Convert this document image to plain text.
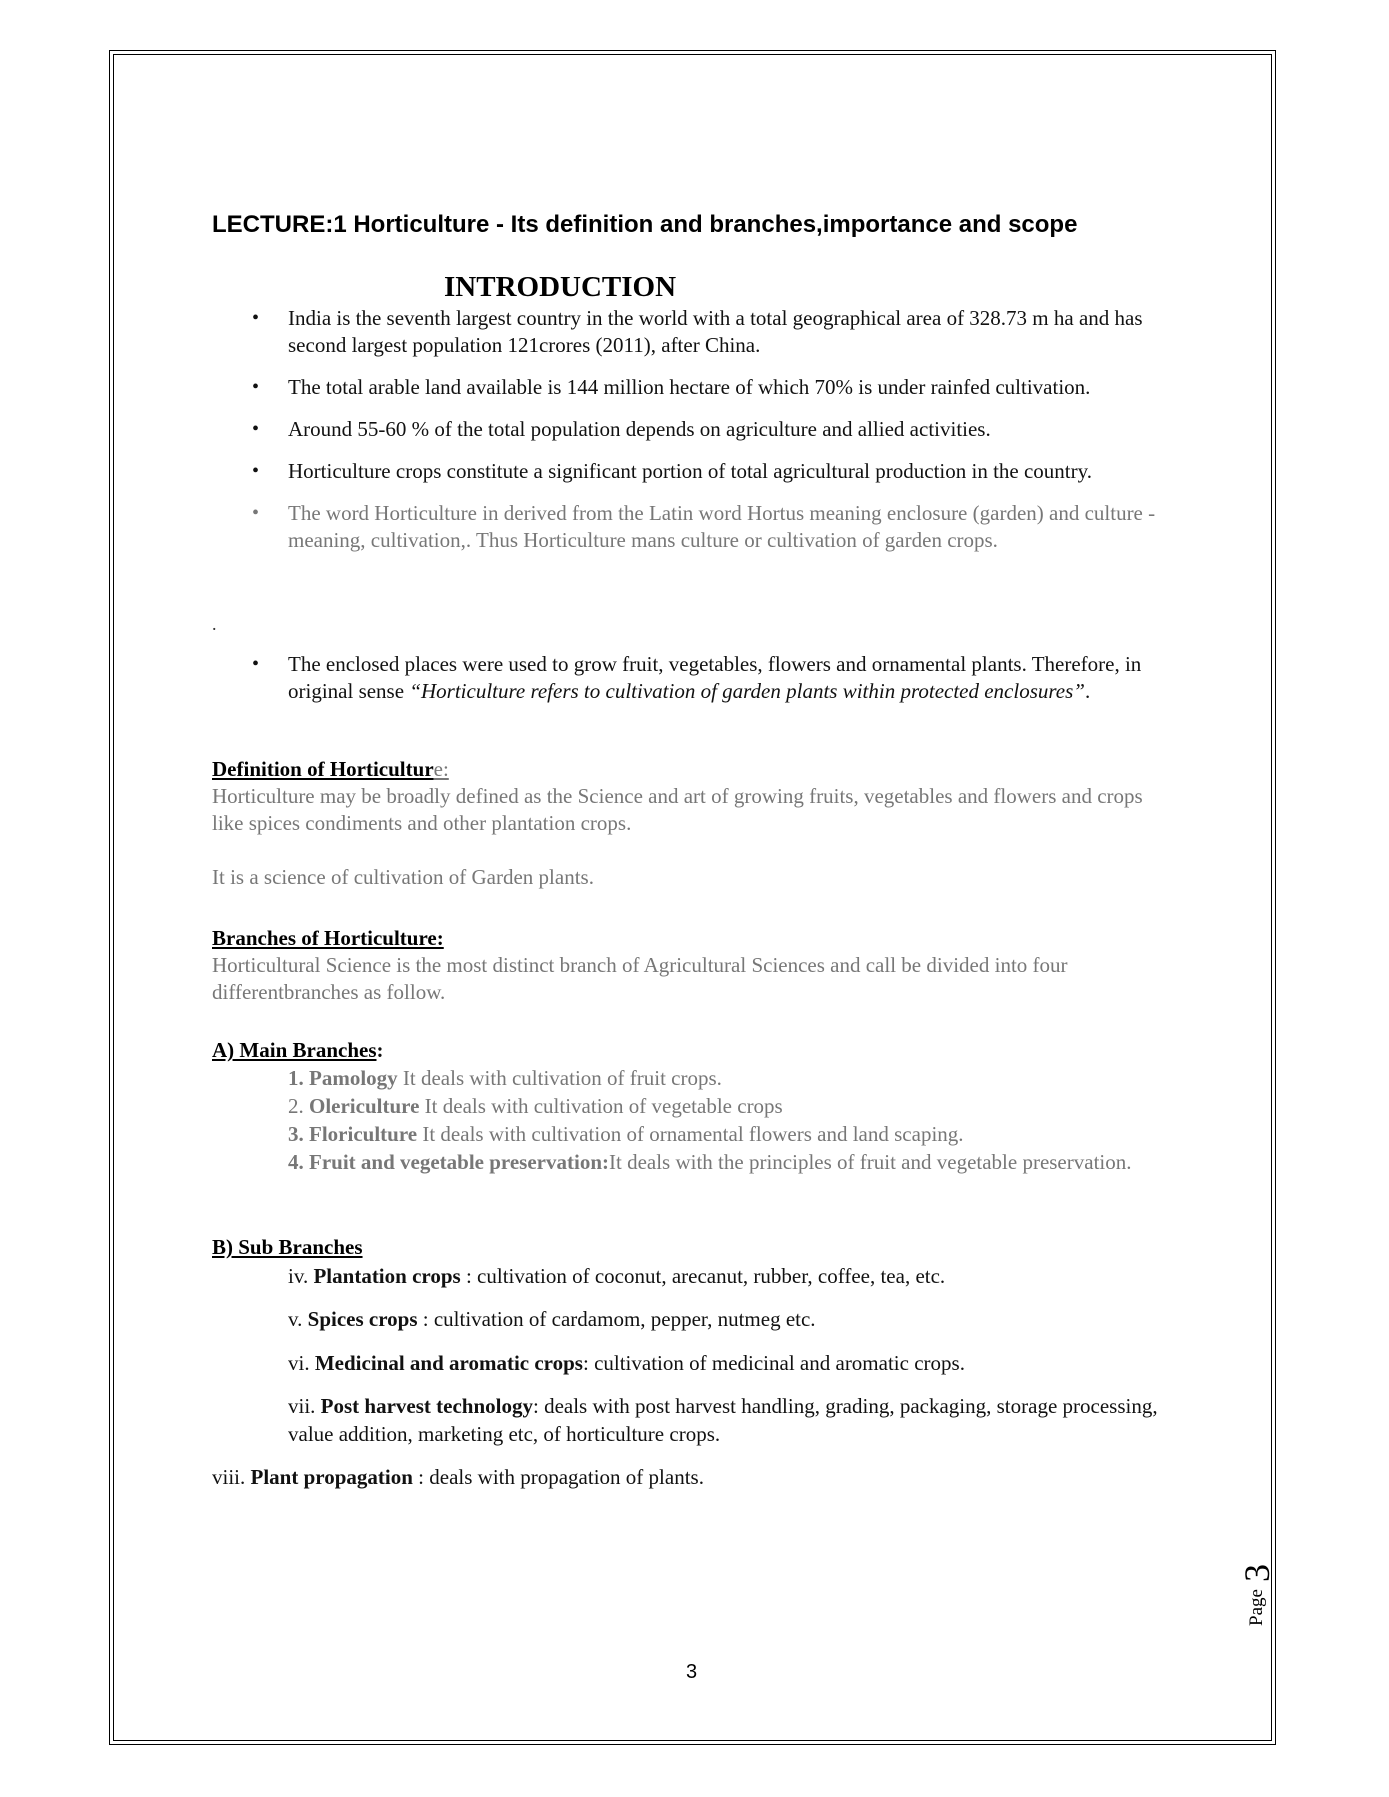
LECTURE:1 Horticulture - Its definition and branches,importance and scope
INTRODUCTION
• India is the seventh largest country in the world with a total geographical area of 328.73 m ha and has second largest population 121crores (2011), after China.
• The total arable land available is 144 million hectare of which 70% is under rainfed cultivation.
• Around 55-60 % of the total population depends on agriculture and allied activities.
• Horticulture crops constitute a significant portion of total agricultural production in the country.
• The word Horticulture in derived from the Latin word Hortus meaning enclosure (garden) and culture - meaning, cultivation,. Thus Horticulture mans culture or cultivation of garden crops.
.
• The enclosed places were used to grow fruit, vegetables, flowers and ornamental plants. Therefore, in original sense “Horticulture refers to cultivation of garden plants within protected enclosures”.
Definition of Horticulture:
Horticulture may be broadly defined as the Science and art of growing fruits, vegetables and flowers and crops like spices condiments and other plantation crops.
It is a science of cultivation of Garden plants.
Branches of Horticulture:
Horticultural Science is the most distinct branch of Agricultural Sciences and call be divided into four differentbranches as follow.
A) Main Branches:
1. Pamology It deals with cultivation of fruit crops.
2. Olericulture It deals with cultivation of vegetable crops
3. Floriculture It deals with cultivation of ornamental flowers and land scaping.
4. Fruit and vegetable preservation:It deals with the principles of fruit and vegetable preservation.
B) Sub Branches
iv. Plantation crops : cultivation of coconut, arecanut, rubber, coffee, tea, etc.
v. Spices crops : cultivation of cardamom, pepper, nutmeg etc.
vi. Medicinal and aromatic crops: cultivation of medicinal and aromatic crops.
vii. Post harvest technology: deals with post harvest handling, grading, packaging, storage processing, value addition, marketing etc, of horticulture crops.
viii. Plant propagation : deals with propagation of plants.
Page
3
3
